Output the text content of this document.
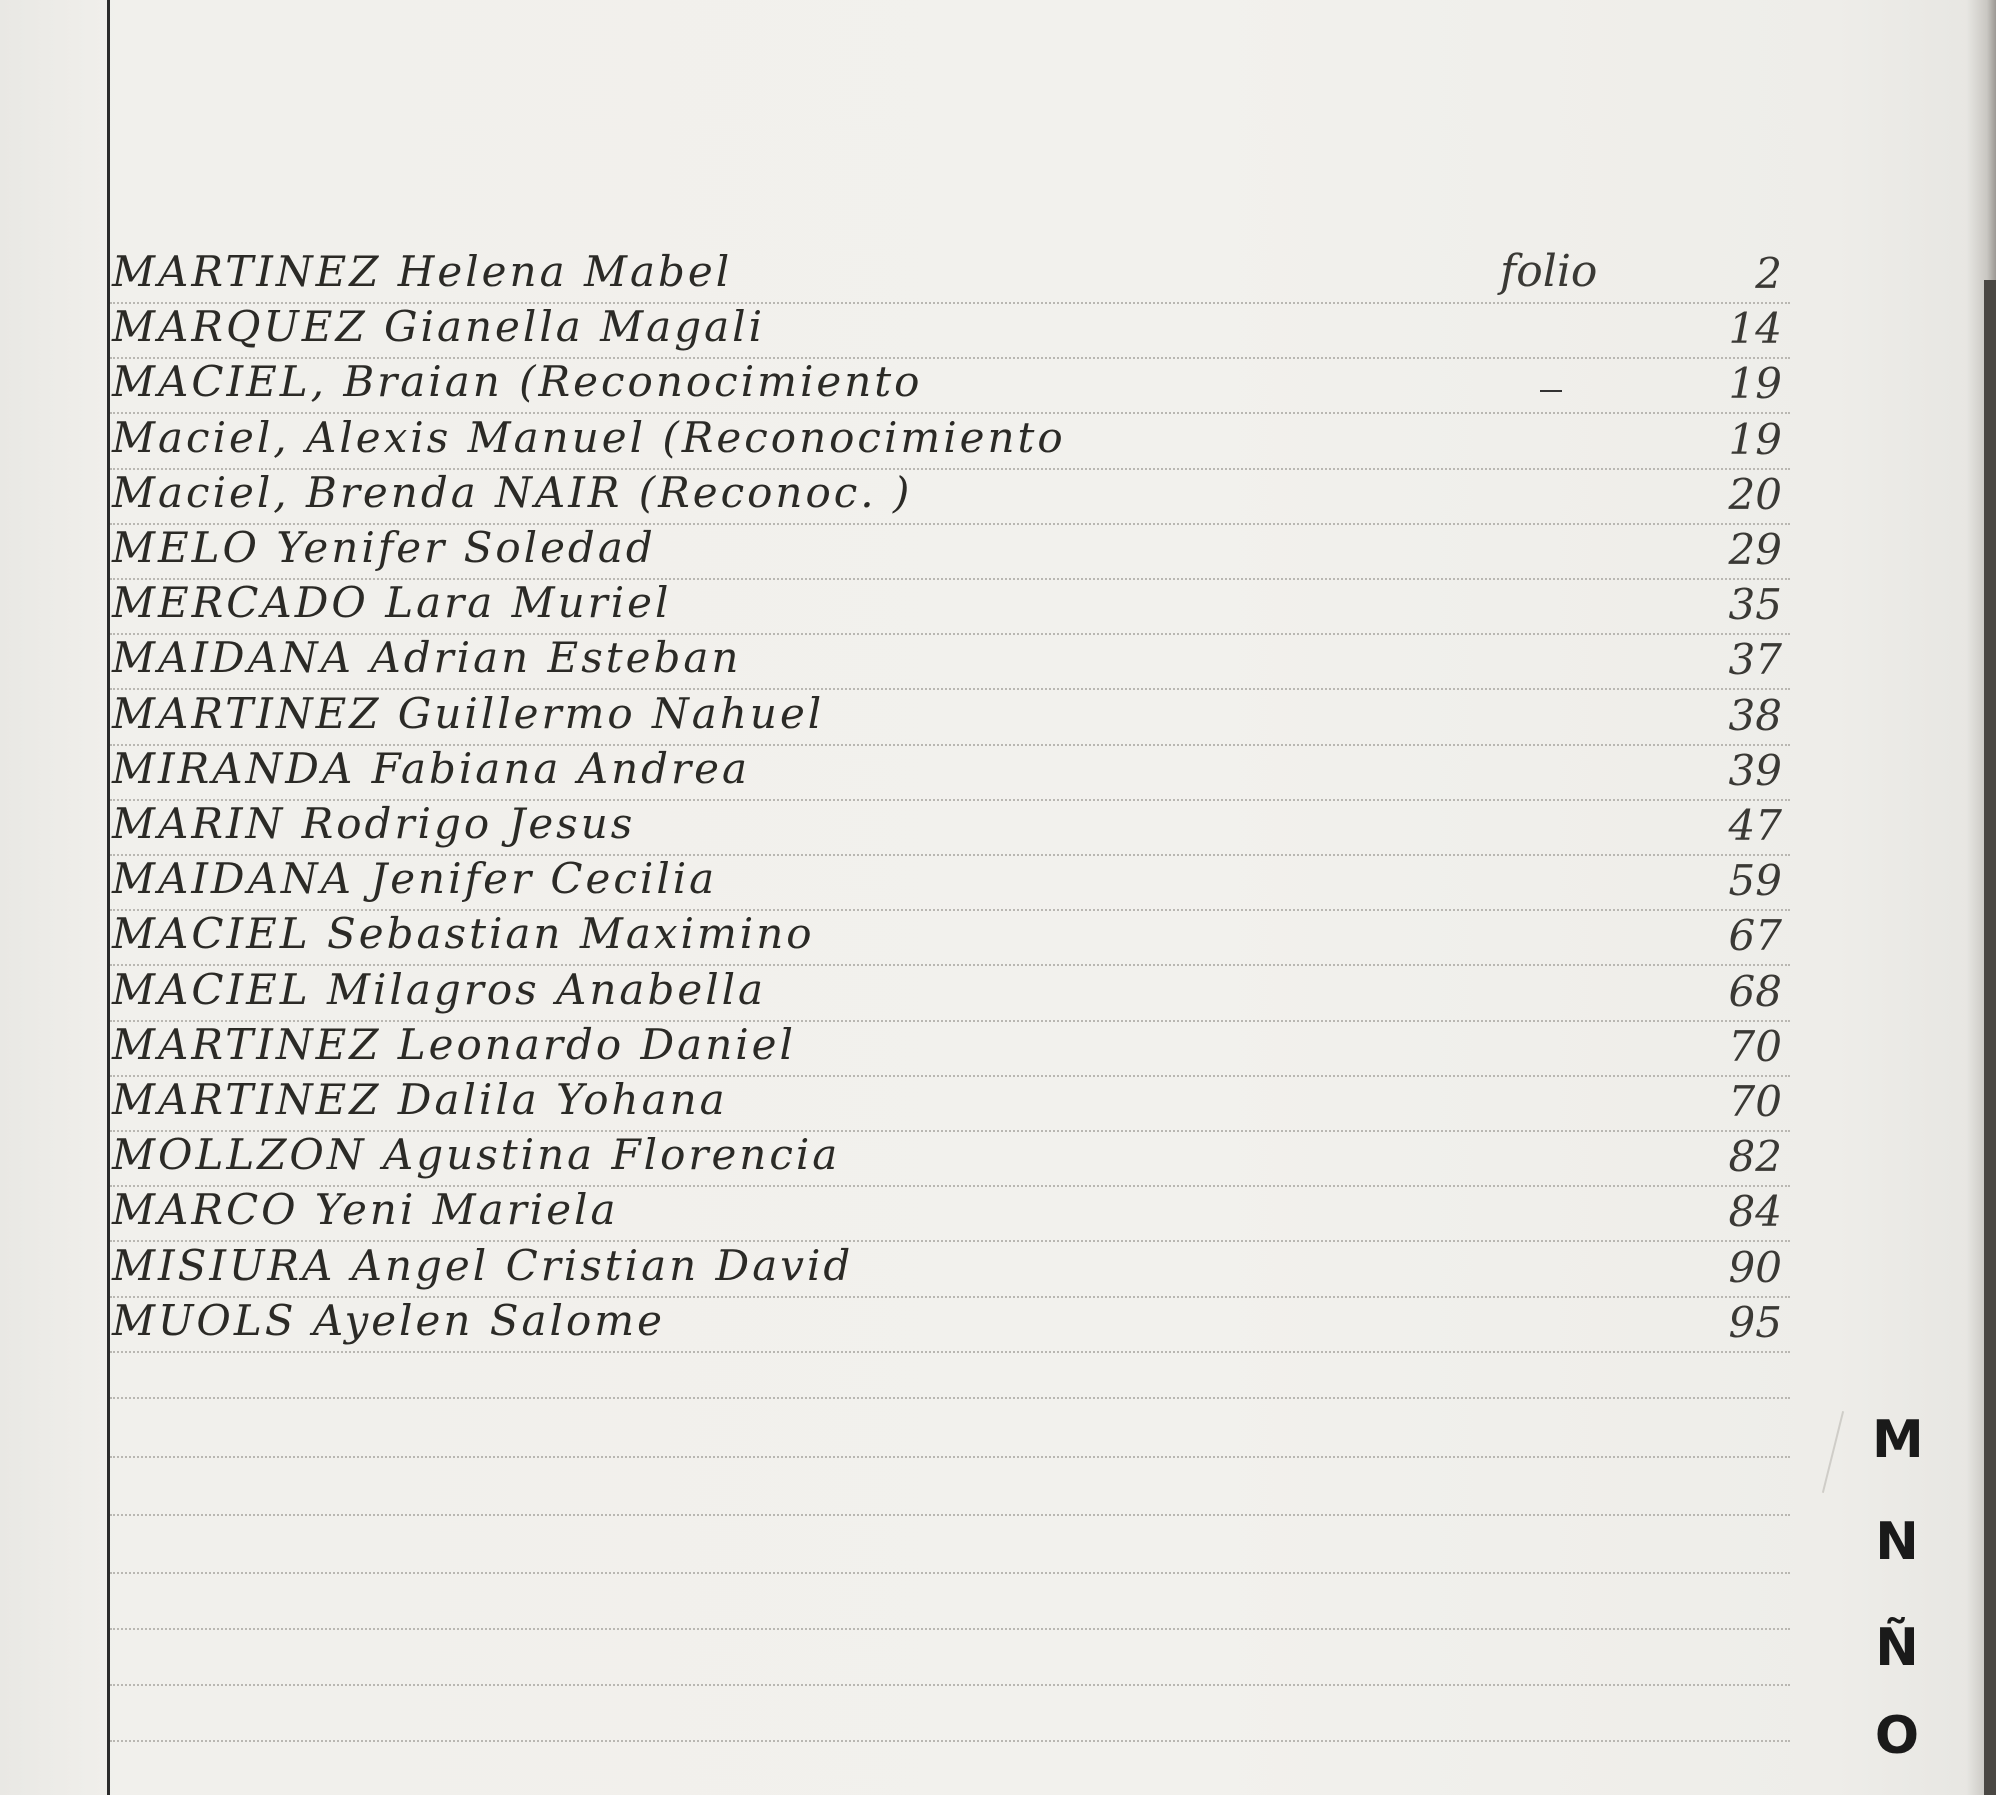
folio
MARTINEZ Helena Mabel	2
MARQUEZ Gianella Magali	14
MACIEL, Braian (Reconocimiento	19
Maciel, Alexis Manuel (Reconocimiento	19
Maciel, Brenda NAIR (Reconoc. )	20
MELO Yenifer Soledad	29
MERCADO Lara Muriel	35
MAIDANA Adrian Esteban	37
MARTINEZ Guillermo Nahuel	38
MIRANDA Fabiana Andrea	39
MARIN Rodrigo Jesus	47
MAIDANA Jenifer Cecilia	59
MACIEL Sebastian Maximino	67
MACIEL Milagros Anabella	68
MARTINEZ Leonardo Daniel	70
MARTINEZ Dalila Yohana	70
MOLLZON Agustina Florencia	82
MARCO Yeni Mariela	84
MISIURA Angel Cristian David	90
MUOLS Ayelen Salome	95
M
N
Ñ
O
